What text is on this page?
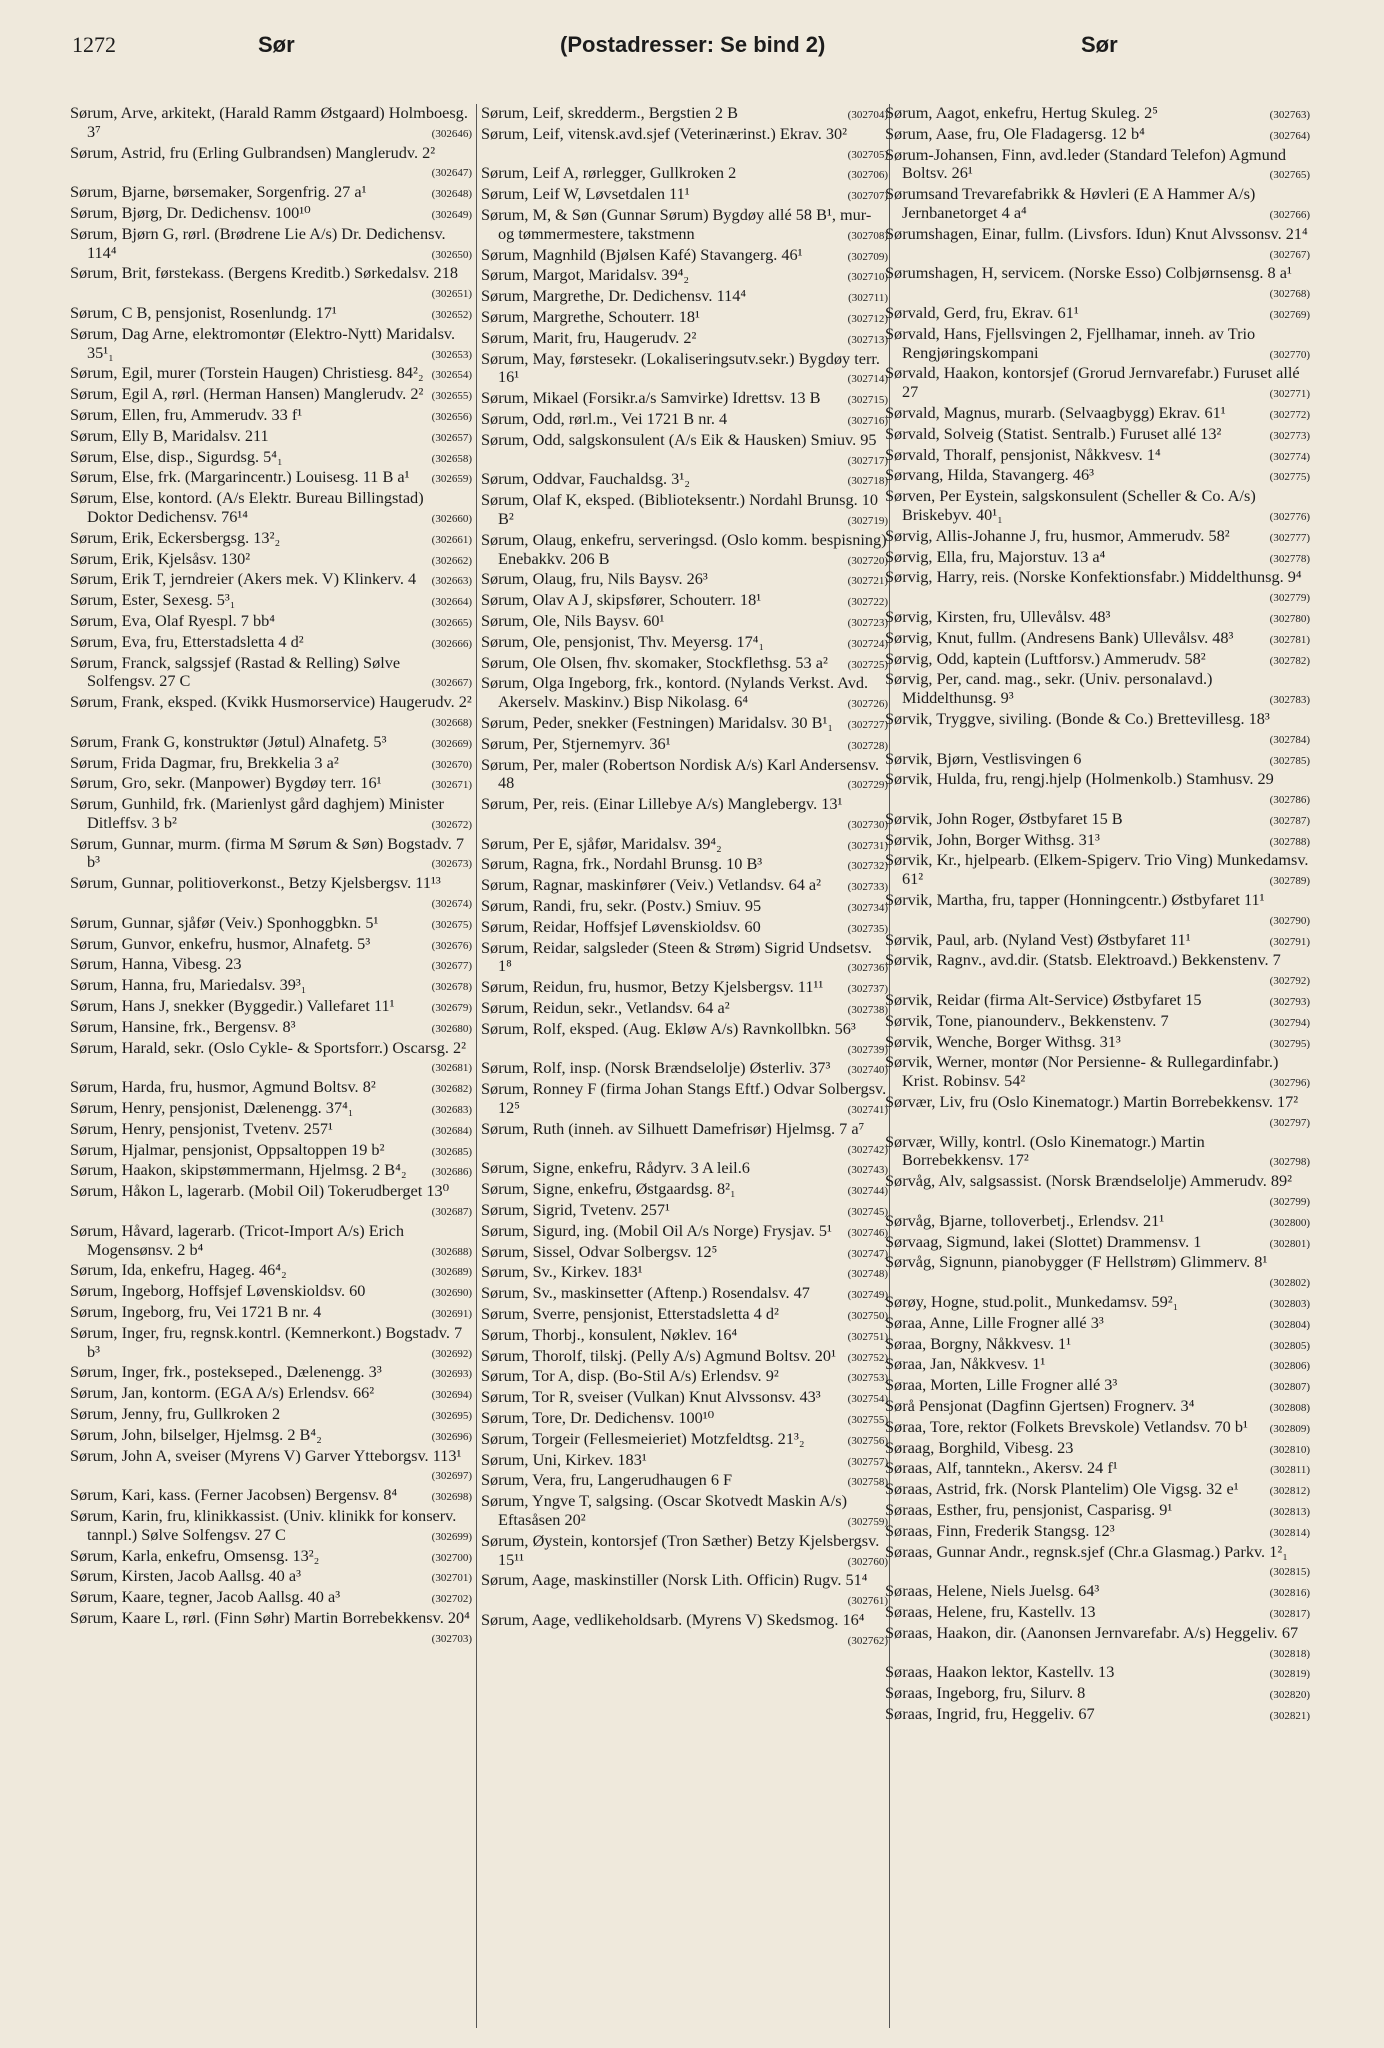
1272	Sør	(Postadresser: Se bind 2)	Sør
Sørum, Arve, arkitekt, (Harald Ramm Østgaard) Holmboesg. 3⁷	(302646)
Sørum, Astrid, fru (Erling Gulbrandsen) Manglerudv. 2²
(302647)
Sørum, Bjarne, børsemaker, Sorgenfrig. 27 a¹	(302648)
Sørum, Bjørg, Dr. Dedichensv. 100¹⁰	(302649)
Sørum, Bjørn G, rørl. (Brødrene Lie A/s) Dr. Dedichensv. 114⁴	(302650)
Sørum, Brit, førstekass. (Bergens Kreditb.) Sørkedalsv. 218
(302651)
Sørum, C B, pensjonist, Rosenlundg. 17¹	(302652)
Sørum, Dag Arne, elektromontør (Elektro-Nytt) Maridalsv. 35¹₁	(302653)
Sørum, Egil, murer (Torstein Haugen) Christiesg. 84²₂ (302654)
Sørum, Egil A, rørl. (Herman Hansen) Manglerudv. 2² (302655)
Sørum, Ellen, fru, Ammerudv. 33 f¹	(302656)
Sørum, Elly B, Maridalsv. 211	(302657)
Sørum, Else, disp., Sigurdsg. 5⁴₁	(302658)
Sørum, Else, frk. (Margarincentr.) Louisesg. 11 B a¹ (302659)
Sørum, Else, kontord. (A/s Elektr. Bureau Billingstad) Doktor Dedichensv. 76¹⁴	(302660)
Sørum, Erik, Eckersbergsg. 13²₂	(302661)
Sørum, Erik, Kjelsåsv. 130²	(302662)
Sørum, Erik T, jerndreier (Akers mek. V) Klinkerv. 4 (302663)
Sørum, Ester, Sexesg. 5³₁	(302664)
Sørum, Eva, Olaf Ryespl. 7 bb⁴	(302665)
Sørum, Eva, fru, Etterstadsletta 4 d²	(302666)
Sørum, Franck, salgssjef (Rastad & Relling) Sølve Solfengsv. 27 C	(302667)
Sørum, Frank, eksped. (Kvikk Husmorservice) Haugerudv. 2²
(302668)
Sørum, Frank G, konstruktør (Jøtul) Alnafetg. 5³	(302669)
Sørum, Frida Dagmar, fru, Brekkelia 3 a²	(302670)
Sørum, Gro, sekr. (Manpower) Bygdøy terr. 16¹	(302671)
Sørum, Gunhild, frk. (Marienlyst gård daghjem) Minister Ditleffsv. 3 b²	(302672)
Sørum, Gunnar, murm. (firma M Sørum & Søn) Bogstadv. 7 b³	(302673)
Sørum, Gunnar, politioverkonst., Betzy Kjelsbergsv. 11¹³
(302674)
Sørum, Gunnar, sjåfør (Veiv.) Sponhoggbkn. 5¹	(302675)
Sørum, Gunvor, enkefru, husmor, Alnafetg. 5³	(302676)
Sørum, Hanna, Vibesg. 23	(302677)
Sørum, Hanna, fru, Mariedalsv. 39³₁	(302678)
Sørum, Hans J, snekker (Byggedir.) Vallefaret 11¹	(302679)
Sørum, Hansine, frk., Bergensv. 8³	(302680)
Sørum, Harald, sekr. (Oslo Cykle- & Sportsforr.) Oscarsg. 2²
(302681)
Sørum, Harda, fru, husmor, Agmund Boltsv. 8²	(302682)
Sørum, Henry, pensjonist, Dælenengg. 37⁴₁	(302683)
Sørum, Henry, pensjonist, Tvetenv. 257¹	(302684)
Sørum, Hjalmar, pensjonist, Oppsaltoppen 19 b²	(302685)
Sørum, Haakon, skipstømmermann, Hjelmsg. 2 B⁴₂ (302686)
Sørum, Håkon L, lagerarb. (Mobil Oil) Tokerudberget 13⁰
(302687)
Sørum, Håvard, lagerarb. (Tricot-Import A/s) Erich Mogensønsv. 2 b⁴	(302688)
Sørum, Ida, enkefru, Hageg. 46⁴₂	(302689)
Sørum, Ingeborg, Hoffsjef Løvenskioldsv. 60	(302690)
Sørum, Ingeborg, fru, Vei 1721 B nr. 4	(302691)
Sørum, Inger, fru, regnsk.kontrl. (Kemnerkont.) Bogstadv. 7 b³	(302692)
Sørum, Inger, frk., postekseped., Dælenengg. 3³	(302693)
Sørum, Jan, kontorm. (EGA A/s) Erlendsv. 66²	(302694)
Sørum, Jenny, fru, Gullkroken 2	(302695)
Sørum, John, bilselger, Hjelmsg. 2 B⁴₂	(302696)
Sørum, John A, sveiser (Myrens V) Garver Ytteborgsv. 113¹
(302697)
Sørum, Kari, kass. (Ferner Jacobsen) Bergensv. 8⁴	(302698)
Sørum, Karin, fru, klinikkassist. (Univ. klinikk for konserv. tannpl.) Sølve Solfengsv. 27 C	(302699)
Sørum, Karla, enkefru, Omsensg. 13²₂	(302700)
Sørum, Kirsten, Jacob Aallsg. 40 a³	(302701)
Sørum, Kaare, tegner, Jacob Aallsg. 40 a³	(302702)
Sørum, Kaare L, rørl. (Finn Søhr) Martin Borrebekkensv. 20⁴
(302703)
Sørum, Leif, skredderm., Bergstien 2 B	(302704)
Sørum, Leif, vitensk.avd.sjef (Veterinærinst.) Ekrav. 30²
(302705)
Sørum, Leif A, rørlegger, Gullkroken 2	(302706)
Sørum, Leif W, Løvsetdalen 11¹	(302707)
Sørum, M, & Søn (Gunnar Sørum) Bygdøy allé 58 B¹, mur- og tømmermestere, takstmenn	(302708)
Sørum, Magnhild (Bjølsen Kafé) Stavangerg. 46¹	(302709)
Sørum, Margot, Maridalsv. 39⁴₂	(302710)
Sørum, Margrethe, Dr. Dedichensv. 114⁴	(302711)
Sørum, Margrethe, Schouterr. 18¹	(302712)
Sørum, Marit, fru, Haugerudv. 2²	(302713)
Sørum, May, førstesekr. (Lokaliseringsutv.sekr.) Bygdøy terr. 16¹	(302714)
Sørum, Mikael (Forsikr.a/s Samvirke) Idrettsv. 13 B (302715)
Sørum, Odd, rørl.m., Vei 1721 B nr. 4	(302716)
Sørum, Odd, salgskonsulent (A/s Eik & Hausken) Smiuv. 95
(302717)
Sørum, Oddvar, Fauchaldsg. 3¹₂	(302718)
Sørum, Olaf K, eksped. (Biblioteksentr.) Nordahl Brunsg. 10 B²	(302719)
Sørum, Olaug, enkefru, serveringsd. (Oslo komm. bespisning) Enebakkv. 206 B	(302720)
Sørum, Olaug, fru, Nils Baysv. 26³	(302721)
Sørum, Olav A J, skipsfører, Schouterr. 18¹	(302722)
Sørum, Ole, Nils Baysv. 60¹	(302723)
Sørum, Ole, pensjonist, Thv. Meyersg. 17⁴₁	(302724)
Sørum, Ole Olsen, fhv. skomaker, Stockflethsg. 53 a² (302725)
Sørum, Olga Ingeborg, frk., kontord. (Nylands Verkst. Avd. Akerselv. Maskinv.) Bisp Nikolasg. 6⁴	(302726)
Sørum, Peder, snekker (Festningen) Maridalsv. 30 B¹₁ (302727)
Sørum, Per, Stjernemyrv. 36¹	(302728)
Sørum, Per, maler (Robertson Nordisk A/s) Karl Andersensv. 48	(302729)
Sørum, Per, reis. (Einar Lillebye A/s) Manglebergv. 13¹
(302730)
Sørum, Per E, sjåfør, Maridalsv. 39⁴₂	(302731)
Sørum, Ragna, frk., Nordahl Brunsg. 10 B³	(302732)
Sørum, Ragnar, maskinfører (Veiv.) Vetlandsv. 64 a² (302733)
Sørum, Randi, fru, sekr. (Postv.) Smiuv. 95	(302734)
Sørum, Reidar, Hoffsjef Løvenskioldsv. 60	(302735)
Sørum, Reidar, salgsleder (Steen & Strøm) Sigrid Undsetsv. 1⁸	(302736)
Sørum, Reidun, fru, husmor, Betzy Kjelsbergsv. 11¹¹ (302737)
Sørum, Reidun, sekr., Vetlandsv. 64 a²	(302738)
Sørum, Rolf, eksped. (Aug. Ekløw A/s) Ravnkollbkn. 56³
(302739)
Sørum, Rolf, insp. (Norsk Brændselolje) Østerliv. 37³ (302740)
Sørum, Ronney F (firma Johan Stangs Eftf.) Odvar Solbergsv. 12⁵	(302741)
Sørum, Ruth (inneh. av Silhuett Damefrisør) Hjelmsg. 7 a⁷
(302742)
Sørum, Signe, enkefru, Rådyrv. 3 A leil.6	(302743)
Sørum, Signe, enkefru, Østgaardsg. 8²₁	(302744)
Sørum, Sigrid, Tvetenv. 257¹	(302745)
Sørum, Sigurd, ing. (Mobil Oil A/s Norge) Frysjav. 5¹ (302746)
Sørum, Sissel, Odvar Solbergsv. 12⁵	(302747)
Sørum, Sv., Kirkev. 183¹	(302748)
Sørum, Sv., maskinsetter (Aftenp.) Rosendalsv. 47	(302749)
Sørum, Sverre, pensjonist, Etterstadsletta 4 d²	(302750)
Sørum, Thorbj., konsulent, Nøklev. 16⁴	(302751)
Sørum, Thorolf, tilskj. (Pelly A/s) Agmund Boltsv. 20¹ (302752)
Sørum, Tor A, disp. (Bo-Stil A/s) Erlendsv. 9²	(302753)
Sørum, Tor R, sveiser (Vulkan) Knut Alvssonsv. 43³ (302754)
Sørum, Tore, Dr. Dedichensv. 100¹⁰	(302755)
Sørum, Torgeir (Fellesmeieriet) Motzfeldtsg. 21³₂	(302756)
Sørum, Uni, Kirkev. 183¹	(302757)
Sørum, Vera, fru, Langerudhaugen 6 F	(302758)
Sørum, Yngve T, salgsing. (Oscar Skotvedt Maskin A/s) Eftasåsen 20²	(302759)
Sørum, Øystein, kontorsjef (Tron Sæther) Betzy Kjelsbergsv. 15¹¹	(302760)
Sørum, Aage, maskinstiller (Norsk Lith. Officin) Rugv. 51⁴
(302761)
Sørum, Aage, vedlikeholdsarb. (Myrens V) Skedsmog. 16⁴
(302762)
Sørum, Aagot, enkefru, Hertug Skuleg. 2⁵	(302763)
Sørum, Aase, fru, Ole Fladagersg. 12 b⁴	(302764)
Sørum-Johansen, Finn, avd.leder (Standard Telefon) Agmund Boltsv. 26¹	(302765)
Sørumsand Trevarefabrikk & Høvleri (E A Hammer A/s) Jernbanetorget 4 a⁴	(302766)
Sørumshagen, Einar, fullm. (Livsfors. Idun) Knut Alvssonsv. 21⁴
(302767)
Sørumshagen, H, servicem. (Norske Esso) Colbjørnsensg. 8 a¹
(302768)
Sørvald, Gerd, fru, Ekrav. 61¹	(302769)
Sørvald, Hans, Fjellsvingen 2, Fjellhamar, inneh. av Trio Rengjøringskompani	(302770)
Sørvald, Haakon, kontorsjef (Grorud Jernvarefabr.) Furuset allé 27	(302771)
Sørvald, Magnus, murarb. (Selvaagbygg) Ekrav. 61¹	(302772)
Sørvald, Solveig (Statist. Sentralb.) Furuset allé 13²	(302773)
Sørvald, Thoralf, pensjonist, Nåkkvesv. 1⁴	(302774)
Sørvang, Hilda, Stavangerg. 46³	(302775)
Sørven, Per Eystein, salgskonsulent (Scheller & Co. A/s) Briskebyv. 40¹₁	(302776)
Sørvig, Allis-Johanne J, fru, husmor, Ammerudv. 58²	(302777)
Sørvig, Ella, fru, Majorstuv. 13 a⁴	(302778)
Sørvig, Harry, reis. (Norske Konfektionsfabr.) Middelthunsg. 9⁴
(302779)
Sørvig, Kirsten, fru, Ullevålsv. 48³	(302780)
Sørvig, Knut, fullm. (Andresens Bank) Ullevålsv. 48³	(302781)
Sørvig, Odd, kaptein (Luftforsv.) Ammerudv. 58²	(302782)
Sørvig, Per, cand. mag., sekr. (Univ. personalavd.) Middelthunsg. 9³	(302783)
Sørvik, Tryggve, siviling. (Bonde & Co.) Brettevillesg. 18³
(302784)
Sørvik, Bjørn, Vestlisvingen 6	(302785)
Sørvik, Hulda, fru, rengj.hjelp (Holmenkolb.) Stamhusv. 29
(302786)
Sørvik, John Roger, Østbyfaret 15 B	(302787)
Sørvik, John, Borger Withsg. 31³	(302788)
Sørvik, Kr., hjelpearb. (Elkem-Spigerv. Trio Ving) Munkedamsv. 61²	(302789)
Sørvik, Martha, fru, tapper (Honningcentr.) Østbyfaret 11¹
(302790)
Sørvik, Paul, arb. (Nyland Vest) Østbyfaret 11¹	(302791)
Sørvik, Ragnv., avd.dir. (Statsb. Elektroavd.) Bekkenstenv. 7
(302792)
Sørvik, Reidar (firma Alt-Service) Østbyfaret 15	(302793)
Sørvik, Tone, pianounderv., Bekkenstenv. 7	(302794)
Sørvik, Wenche, Borger Withsg. 31³	(302795)
Sørvik, Werner, montør (Nor Persienne- & Rullegardinfabr.) Krist. Robinsv. 54²	(302796)
Sørvær, Liv, fru (Oslo Kinematogr.) Martin Borrebekkensv. 17²
(302797)
Sørvær, Willy, kontrl. (Oslo Kinematogr.) Martin Borrebekkensv. 17²	(302798)
Sørvåg, Alv, salgsassist. (Norsk Brændselolje) Ammerudv. 89²
(302799)
Sørvåg, Bjarne, tolloverbetj., Erlendsv. 21¹	(302800)
Sørvaag, Sigmund, lakei (Slottet) Drammensv. 1	(302801)
Sørvåg, Signunn, pianobygger (F Hellstrøm) Glimmerv. 8¹
(302802)
Sørøy, Hogne, stud.polit., Munkedamsv. 59²₁	(302803)
Søraa, Anne, Lille Frogner allé 3³	(302804)
Søraa, Borgny, Nåkkvesv. 1¹	(302805)
Søraa, Jan, Nåkkvesv. 1¹	(302806)
Søraa, Morten, Lille Frogner allé 3³	(302807)
Sørå Pensjonat (Dagfinn Gjertsen) Frognerv. 3⁴	(302808)
Søraa, Tore, rektor (Folkets Brevskole) Vetlandsv. 70 b¹ (302809)
Søraag, Borghild, Vibesg. 23	(302810)
Søraas, Alf, tanntekn., Akersv. 24 f¹	(302811)
Søraas, Astrid, frk. (Norsk Plantelim) Ole Vigsg. 32 e¹	(302812)
Søraas, Esther, fru, pensjonist, Casparisg. 9¹	(302813)
Søraas, Finn, Frederik Stangsg. 12³	(302814)
Søraas, Gunnar Andr., regnsk.sjef (Chr.a Glasmag.) Parkv. 1²₁
(302815)
Søraas, Helene, Niels Juelsg. 64³	(302816)
Søraas, Helene, fru, Kastellv. 13	(302817)
Søraas, Haakon, dir. (Aanonsen Jernvarefabr. A/s) Heggeliv. 67
(302818)
Søraas, Haakon lektor, Kastellv. 13	(302819)
Søraas, Ingeborg, fru, Silurv. 8	(302820)
Søraas, Ingrid, fru, Heggeliv. 67	(302821)
